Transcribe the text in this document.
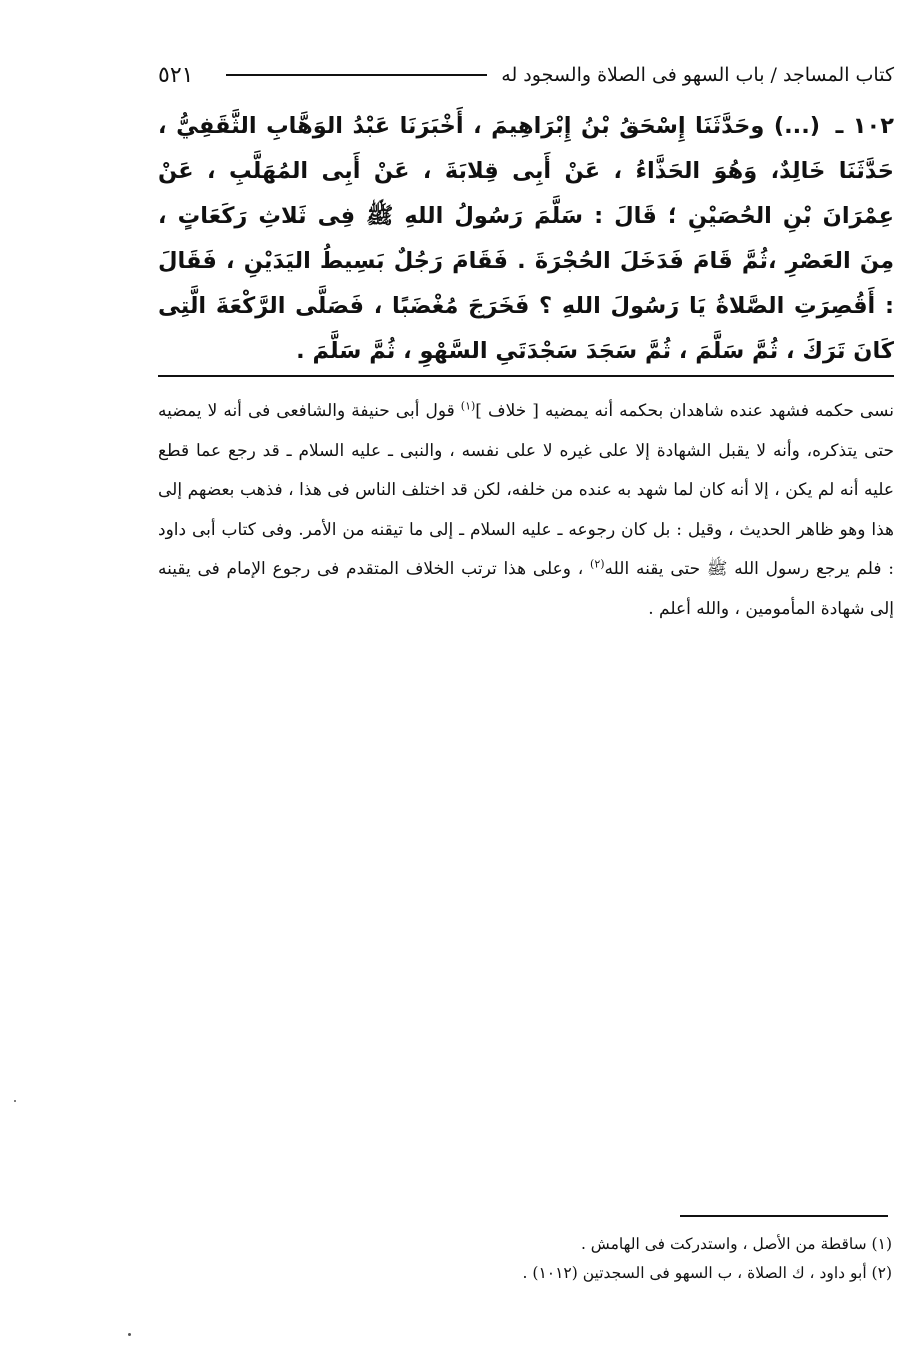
٥٢١	كتاب المساجد / باب السهو فى الصلاة والسجود له
١٠٢ ـ (...) وحَدَّثَنَا إِسْحَقُ بْنُ إِبْرَاهِيمَ ، أَخْبَرَنَا عَبْدُ الوَهَّابِ الثَّقَفِيُّ ، حَدَّثَنَا خَالِدٌ، وَهُوَ الحَذَّاءُ ، عَنْ أَبِى قِلابَةَ ، عَنْ أَبِى المُهَلَّبِ ، عَنْ عِمْرَانَ بْنِ الحُصَيْنِ ؛ قَالَ : سَلَّمَ رَسُولُ اللهِ ﷺ فِى ثَلاثِ رَكَعَاتٍ ، مِنَ العَصْرِ ،ثُمَّ قَامَ فَدَخَلَ الحُجْرَةَ . فَقَامَ رَجُلٌ بَسِيطُ اليَدَيْنِ ، فَقَالَ : أَقُصِرَتِ الصَّلاةُ يَا رَسُولَ اللهِ ؟ فَخَرَجَ مُغْضَبًا ، فَصَلَّى الرَّكْعَةَ الَّتِى كَانَ تَرَكَ ، ثُمَّ سَلَّمَ ، ثُمَّ سَجَدَ سَجْدَتَىِ السَّهْوِ ، ثُمَّ سَلَّمَ .
نسى حكمه فشهد عنده شاهدان بحكمه أنه يمضيه [ خلاف ]$^{(١)}$ قول أبى حنيفة والشافعى فى أنه لا يمضيه حتى يتذكره، وأنه لا يقبل الشهادة إلا على غيره لا على نفسه ، والنبى ـ عليه السلام ـ قد رجع عما قطع عليه أنه لم يكن ، إلا أنه كان لما شهد به عنده من خلفه، لكن قد اختلف الناس فى هذا ، فذهب بعضهم إلى هذا وهو ظاهر الحديث ، وقيل : بل كان رجوعه ـ عليه السلام ـ إلى ما تيقنه من الأمر. وفى كتاب أبى داود : فلم يرجع رسول الله ﷺ حتى يقنه الله$^{(٢)}$ ، وعلى هذا ترتب الخلاف المتقدم فى رجوع الإمام فى يقينه إلى شهادة المأمومين ، والله أعلم .
(١) ساقطة من الأصل ، واستدركت فى الهامش .
(٢) أبو داود ، ك الصلاة ، ب السهو فى السجدتين (١٠١٢) .
